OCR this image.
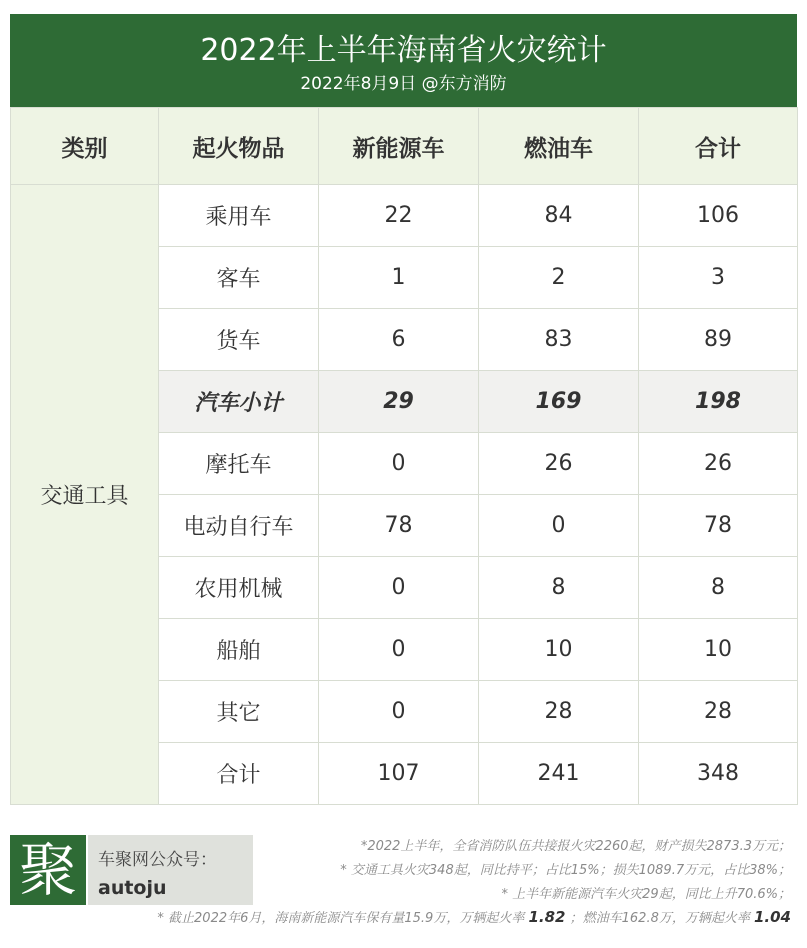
2022年上半年海南省火灾统计
2022年8月9日 @东方消防
类别	起火物品	新能源车	燃油车	合计
交通工具	乘用车	22	84	106
	客车	1	2	3
	货车	6	83	89
	汽车小计	29	169	198
	摩托车	0	26	26
	电动自行车	78	0	78
	农用机械	0	8	8
	船舶	0	10	10
	其它	0	28	28
	合计	107	241	348
聚	车聚网公众号：
autoju
*2022上半年，全省消防队伍共接报火灾2260起，财产损失2873.3万元；
* 交通工具火灾348起，同比持平；占比15%；损失1089.7万元，占比38%；
* 上半年新能源汽车火灾29起，同比上升70.6%；
* 截止2022年6月，海南新能源汽车保有量15.9万，万辆起火率 1.82 ；燃油车162.8万，万辆起火率 1.04
